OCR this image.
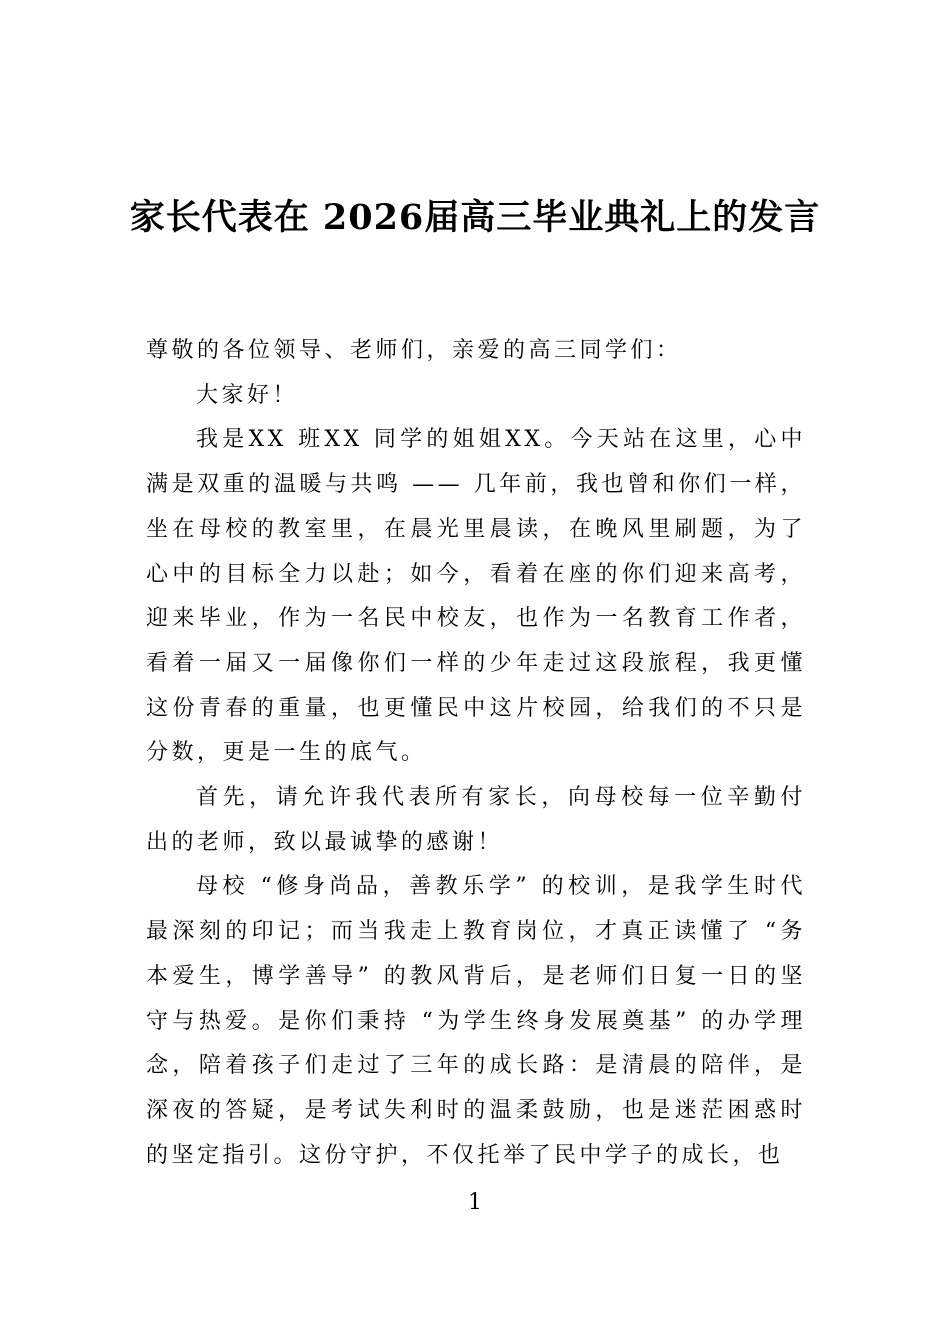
家长代表在 2026届高三毕业典礼上的发言

尊敬的各位领导、老师们，亲爱的高三同学们：

大家好！

我是XX 班XX 同学的姐姐XX。今天站在这里，心中满是双重的温暖与共鸣 —— 几年前，我也曾和你们一样，坐在母校的教室里，在晨光里晨读，在晚风里刷题，为了心中的目标全力以赴；如今，看着在座的你们迎来高考，迎来毕业，作为一名民中校友，也作为一名教育工作者，看着一届又一届像你们一样的少年走过这段旅程，我更懂这份青春的重量，也更懂民中这片校园，给我们的不只是分数，更是一生的底气。

首先，请允许我代表所有家长，向母校每一位辛勤付出的老师，致以最诚挚的感谢！

母校 “修身尚品，善教乐学” 的校训，是我学生时代最深刻的印记；而当我走上教育岗位，才真正读懂了 “务本爱生，博学善导” 的教风背后，是老师们日复一日的坚守与热爱。是你们秉持 “为学生终身发展奠基” 的办学理念，陪着孩子们走过了三年的成长路：是清晨的陪伴，是深夜的答疑，是考试失利时的温柔鼓励，也是迷茫困惑时的坚定指引。这份守护，不仅托举了民中学子的成长，也

1
